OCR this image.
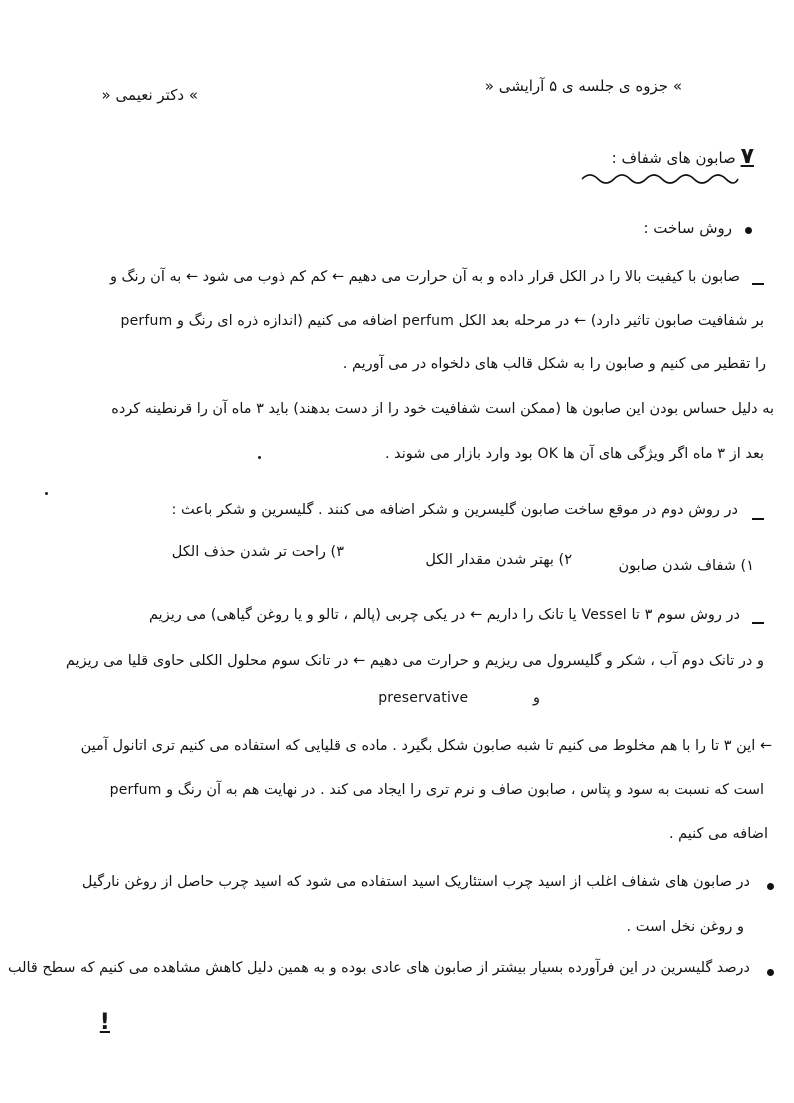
» دکتر نعیمی «	» جزوه ی جلسه ی ۵ آرایشی «
۷ صابون های شفاف :
روش ساخت :
صابون با کیفیت بالا را در الکل قرار داده و به آن حرارت می دهیم ← کم کم ذوب می شود ← به آن رنگ و
بر شفافیت صابون تاثیر دارد) ← در مرحله بعد الکل perfum اضافه می کنیم (اندازه ذره ای رنگ و perfum
را تقطیر می کنیم و صابون را به شکل قالب های دلخواه در می آوریم .
به دلیل حساس بودن این صابون ها (ممکن است شفافیت خود را از دست بدهند) باید ۳ ماه آن را قرنطینه کرده
بعد از ۳ ماه اگر ویژگی های آن ها OK بود وارد بازار می شوند .
در روش دوم در موقع ساخت صابون گلیسرین و شکر اضافه می کنند . گلیسرین و شکر باعث :
۳) راحت تر شدن حذف الکل	۲) بهتر شدن مقدار الکل	۱) شفاف شدن صابون
در روش سوم ۳ تا Vessel یا تانک را داریم ← در یکی چربی (پالم ، تالو و یا روغن گیاهی) می ریزیم
و در تانک دوم آب ، شکر و گلیسرول می ریزیم و حرارت می دهیم ← در تانک سوم محلول الکلی حاوی قلیا می ریزیم
و preservative
← این ۳ تا را با هم مخلوط می کنیم تا شبه صابون شکل بگیرد . ماده ی قلیایی که استفاده می کنیم تری اتانول آمین
است که نسبت به سود و پتاس ، صابون صاف و نرم تری را ایجاد می کند . در نهایت هم به آن رنگ و perfum
اضافه می کنیم .
در صابون های شفاف اغلب از اسید چرب استئاریک اسید استفاده می شود که اسید چرب حاصل از روغن نارگیل
و روغن نخل است .
درصد گلیسرین در این فرآورده بسیار بیشتر از صابون های عادی بوده و به همین دلیل کاهش مشاهده می کنیم که سطح قالب
!
